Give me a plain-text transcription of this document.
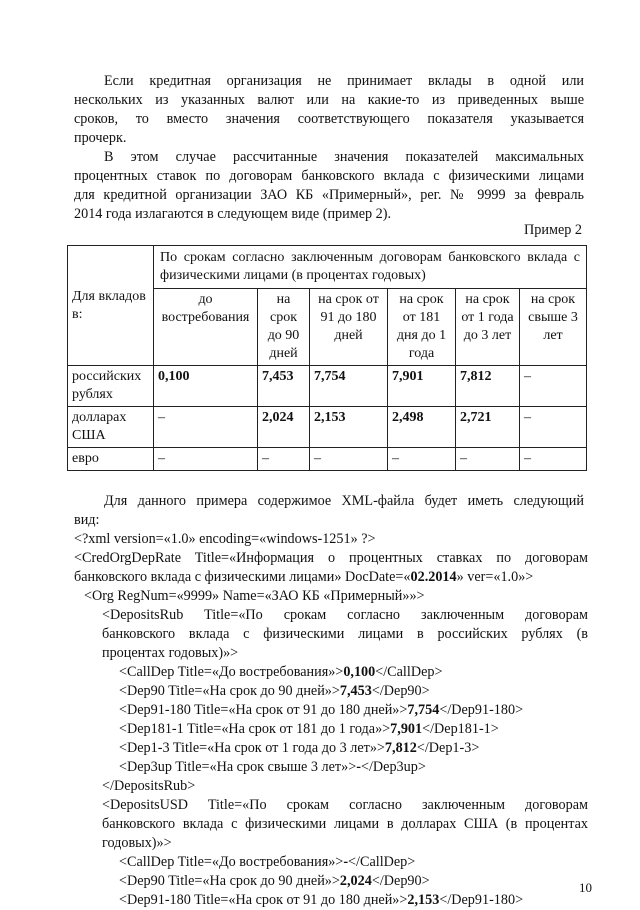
Если кредитная организация не принимает вклады в одной или
нескольких из указанных валют или на какие-то из приведенных выше
сроков, то вместо значения соответствующего показателя указывается
прочерк.

В этом случае рассчитанные значения показателей максимальных
процентных ставок по договорам банковского вклада с физическими лицами
для кредитной организации ЗАО КБ «Примерный», рег. № 9999 за февраль
2014 года излагаются в следующем виде (пример 2).

Пример 2
Для вкладов в:	По срокам согласно заключенным договорам банковского вклада с физическими лицами (в процентах годовых)					
	до востребования	на срок до 90 дней	на срок от 91 до 180 дней	на срок от 181 дня до 1 года	на срок от 1 года до 3 лет	на срок свыше 3 лет
российских рублях	0,100	7,453	7,754	7,901	7,812	–
долларах США	–	2,024	2,153	2,498	2,721	–
евро	–	–	–	–	–	–

Для данного примера содержимое XML-файла будет иметь следующий
вид:

<?xml version=«1.0» encoding=«windows-1251» ?>
<CredOrgDepRate Title=«Информация о процентных ставках по договорам
банковского вклада с физическими лицами» DocDate=«02.2014» ver=«1.0»>
<Org RegNum=«9999» Name=«ЗАО КБ «Примерный»»>
<DepositsRub Title=«По срокам согласно заключенным договорам
банковского вклада с физическими лицами в российских рублях (в
процентах годовых)»>
<CallDep Title=«До востребования»>0,100</CallDep>
<Dep90 Title=«На срок до 90 дней»>7,453</Dep90>
<Dep91-180 Title=«На срок от 91 до 180 дней»>7,754</Dep91-180>
<Dep181-1 Title=«На срок от 181 до 1 года»>7,901</Dep181-1>
<Dep1-3 Title=«На срок от 1 года до 3 лет»>7,812</Dep1-3>
<Dep3up Title=«На срок свыше 3 лет»>-</Dep3up>
</DepositsRub>
<DepositsUSD Title=«По срокам согласно заключенным договорам
банковского вклада с физическими лицами в долларах США (в процентах
годовых)»>
<CallDep Title=«До востребования»>-</CallDep>
<Dep90 Title=«На срок до 90 дней»>2,024</Dep90>
<Dep91-180 Title=«На срок от 91 до 180 дней»>2,153</Dep91-180>
10
